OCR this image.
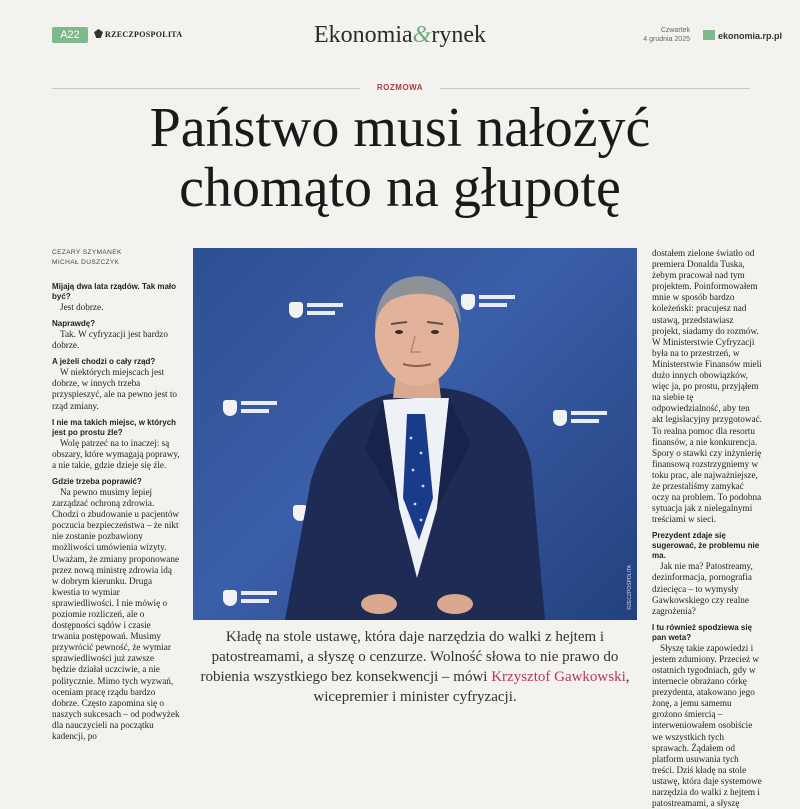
A22	RZECZPOSPOLITA	Ekonomia&rynek	Czwartek
4 grudnia 2025	ekonomia.rp.pl
ROZMOWA
Państwo musi nałożyć
chomąto na głupotę
CEZARY SZYMANEK
MICHAŁ DUSZCZYK

Mijają dwa lata rządów. Tak mało być?

Jest dobrze.

Naprawdę?

Tak. W cyfryzacji jest bardzo dobrze.

A jeżeli chodzi o cały rząd?

W niektórych miejscach jest dobrze, w innych trzeba przyspieszyć, ale na pewno jest to rząd zmiany.

I nie ma takich miejsc, w których jest po prostu źle?

Wolę patrzeć na to inaczej: są obszary, które wymagają poprawy, a nie takie, gdzie dzieje się źle.

Gdzie trzeba poprawić?

Na pewno musimy lepiej zarządzać ochroną zdrowia. Chodzi o zbudowanie u pacjentów poczucia bezpieczeństwa – że nikt nie zostanie pozbawiony możliwości umówienia wizyty. Uważam, że zmiany proponowane przez nową ministrę zdrowia idą w dobrym kierunku. Druga kwestia to wymiar sprawiedliwości. I nie mówię o poziomie rozliczeń, ale o dostępności sądów i czasie trwania postępowań. Musimy przywrócić pewność, że wymiar sprawiedliwości już zawsze będzie działał uczciwie, a nie politycznie. Mimo tych wyzwań, oceniam pracę rządu bardzo dobrze. Często zapomina się o naszych sukcesach – od podwyżek dla nauczycieli na początku kadencji, po

RZECZPOSPOLITA

dostałem zielone światło od premiera Donalda Tuska, żebym pracował nad tym projektem. Poinformowałem mnie w sposób bardzo koleżeński: pracujesz nad ustawą, przedstawiasz projekt, siadamy do rozmów. W Ministerstwie Cyfryzacji była na to przestrzeń, w Ministerstwie Finansów mieli dużo innych obowiązków, więc ja, po prostu, przyjąłem na siebie tę odpowiedzialność, aby ten akt legislacyjny przygotować. To realna pomoc dla resortu finansów, a nie konkurencja. Spory o stawki czy inżynierię finansową rozstrzygniemy w toku prac, ale najważniejsze, że przestaliśmy zamykać oczy na problem. To podobna sytuacja jak z nielegalnymi treściami w sieci.

Prezydent zdaje się sugerować, że problemu nie ma.

Jak nie ma? Patostreamy, dezinformacja, pornografia dziecięca – to wymysły Gawkowskiego czy realne zagrożenia?

I tu również spodziewa się pan weta?

Słyszę takie zapowiedzi i jestem zdumiony. Przecież w ostatnich tygodniach, gdy w internecie obrażano córkę prezydenta, atakowano jego żonę, a jemu samemu grożono śmiercią – interweniowałem osobiście we wszystkich tych sprawach. Żądałem od platform usuwania tych treści. Dziś kładę na stole ustawę, która daje systemowe narzędzia do walki z hejtem i patostreamami, a słyszę

Kładę na stole ustawę, która daje narzędzia do walki z hejtem i patostreamami, a słyszę o cenzurze. Wolność słowa to nie prawo do robienia wszystkiego bez konsekwencji – mówi Krzysztof Gawkowski, wicepremier i minister cyfryzacji.
